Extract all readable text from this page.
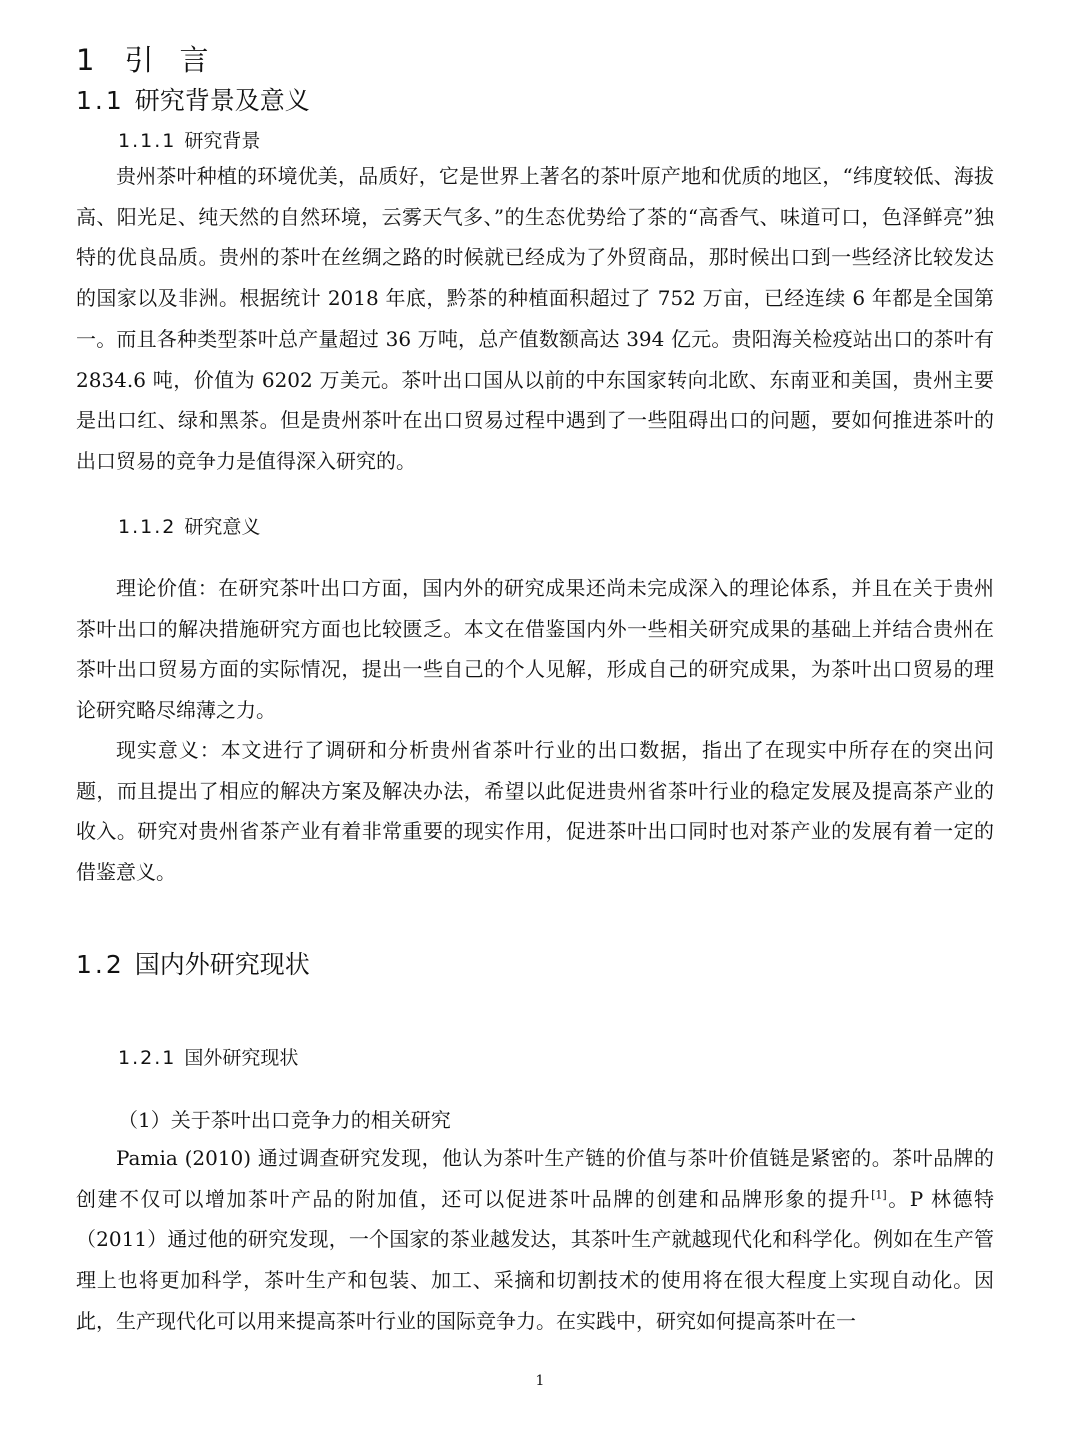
1 引 言
1.1 研究背景及意义
1.1.1 研究背景

贵州茶叶种植的环境优美，品质好，它是世界上著名的茶叶原产地和优质的地区，“纬度较低、海拔高、阳光足、纯天然的自然环境，云雾天气多、”的生态优势给了茶的“高香气、味道可口，色泽鲜亮”独特的优良品质。贵州的茶叶在丝绸之路的时候就已经成为了外贸商品，那时候出口到一些经济比较发达的国家以及非洲。根据统计 2018 年底，黔茶的种植面积超过了 752 万亩，已经连续 6 年都是全国第一。而且各种类型茶叶总产量超过 36 万吨，总产值数额高达 394 亿元。贵阳海关检疫站出口的茶叶有 2834.6 吨，价值为 6202 万美元。茶叶出口国从以前的中东国家转向北欧、东南亚和美国，贵州主要是出口红、绿和黑茶。但是贵州茶叶在出口贸易过程中遇到了一些阻碍出口的问题，要如何推进茶叶的出口贸易的竞争力是值得深入研究的。

1.1.2 研究意义

理论价值：在研究茶叶出口方面，国内外的研究成果还尚未完成深入的理论体系，并且在关于贵州茶叶出口的解决措施研究方面也比较匮乏。本文在借鉴国内外一些相关研究成果的基础上并结合贵州在茶叶出口贸易方面的实际情况，提出一些自己的个人见解，形成自己的研究成果，为茶叶出口贸易的理论研究略尽绵薄之力。

现实意义：本文进行了调研和分析贵州省茶叶行业的出口数据，指出了在现实中所存在的突出问题，而且提出了相应的解决方案及解决办法，希望以此促进贵州省茶叶行业的稳定发展及提高茶产业的收入。研究对贵州省茶产业有着非常重要的现实作用，促进茶叶出口同时也对茶产业的发展有着一定的借鉴意义。

1.2 国内外研究现状
1.2.1 国外研究现状
（1）关于茶叶出口竞争力的相关研究

Pamia (2010) 通过调查研究发现，他认为茶叶生产链的价值与茶叶价值链是紧密的。茶叶品牌的创建不仅可以增加茶叶产品的附加值，还可以促进茶叶品牌的创建和品牌形象的提升[1]。P 林德特（2011）通过他的研究发现，一个国家的茶业越发达，其茶叶生产就越现代化和科学化。例如在生产管理上也将更加科学，茶叶生产和包装、加工、采摘和切割技术的使用将在很大程度上实现自动化。因此，生产现代化可以用来提高茶叶行业的国际竞争力。在实践中，研究如何提高茶叶在一

1
